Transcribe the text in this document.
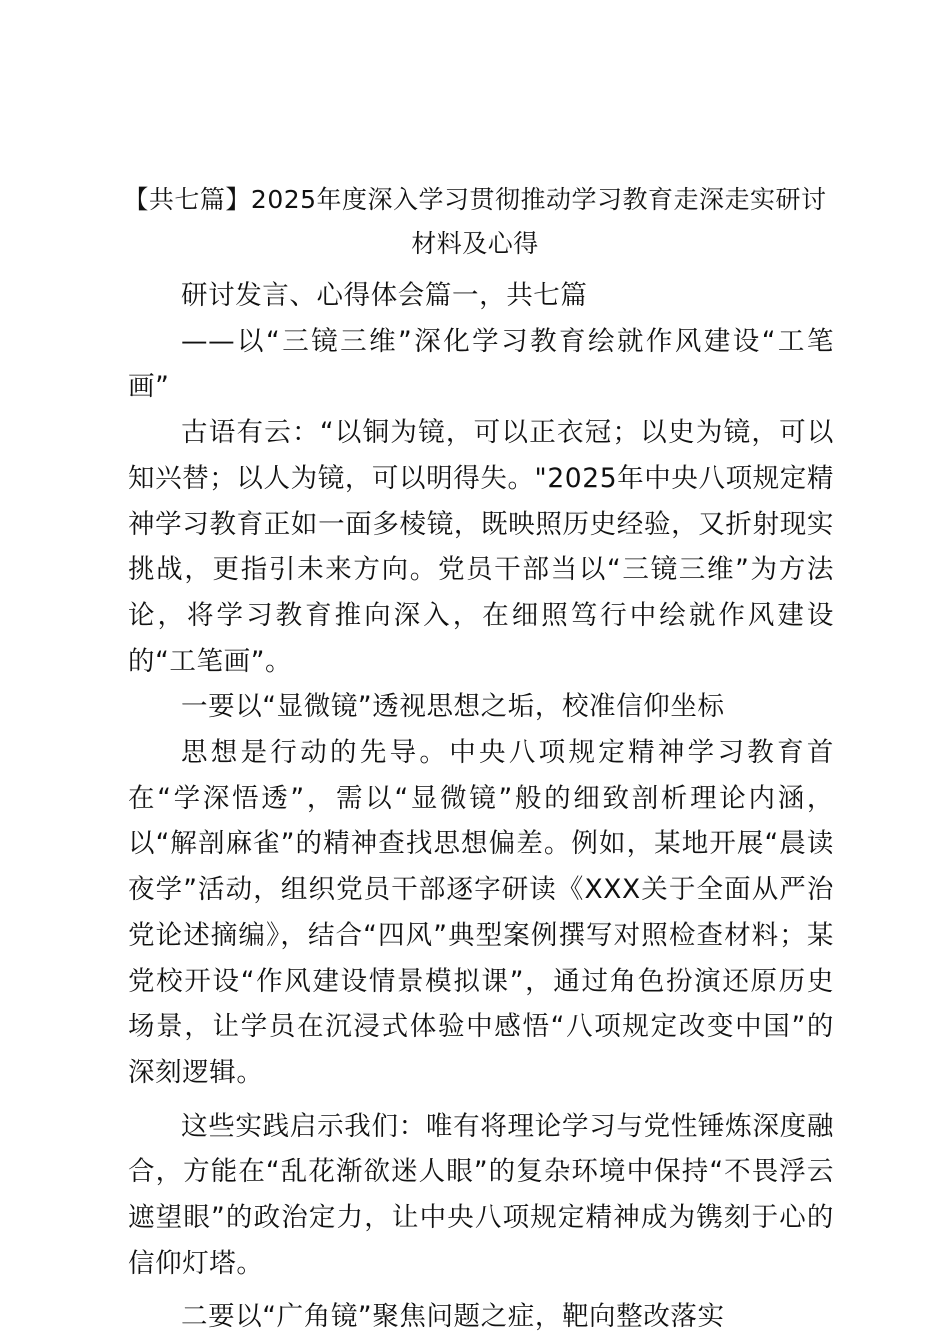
【共七篇】2025年度深入学习贯彻推动学习教育走深走实研讨材料及心得

研讨发言、心得体会篇一，共七篇

——以“三镜三维”深化学习教育绘就作风建设“工笔画”

古语有云：“以铜为镜，可以正衣冠；以史为镜，可以知兴替；以人为镜，可以明得失。"2025年中央八项规定精神学习教育正如一面多棱镜，既映照历史经验，又折射现实挑战，更指引未来方向。党员干部当以“三镜三维”为方法论，将学习教育推向深入，在细照笃行中绘就作风建设的“工笔画”。

一要以“显微镜”透视思想之垢，校准信仰坐标

思想是行动的先导。中央八项规定精神学习教育首在“学深悟透”，需以“显微镜”般的细致剖析理论内涵，以“解剖麻雀”的精神查找思想偏差。例如，某地开展“晨读夜学”活动，组织党员干部逐字研读《XXX关于全面从严治党论述摘编》，结合“四风”典型案例撰写对照检查材料；某党校开设“作风建设情景模拟课”，通过角色扮演还原历史场景，让学员在沉浸式体验中感悟“八项规定改变中国”的深刻逻辑。

这些实践启示我们：唯有将理论学习与党性锤炼深度融合，方能在“乱花渐欲迷人眼”的复杂环境中保持“不畏浮云遮望眼”的政治定力，让中央八项规定精神成为镌刻于心的信仰灯塔。

二要以“广角镜”聚焦问题之症，靶向整改落实
